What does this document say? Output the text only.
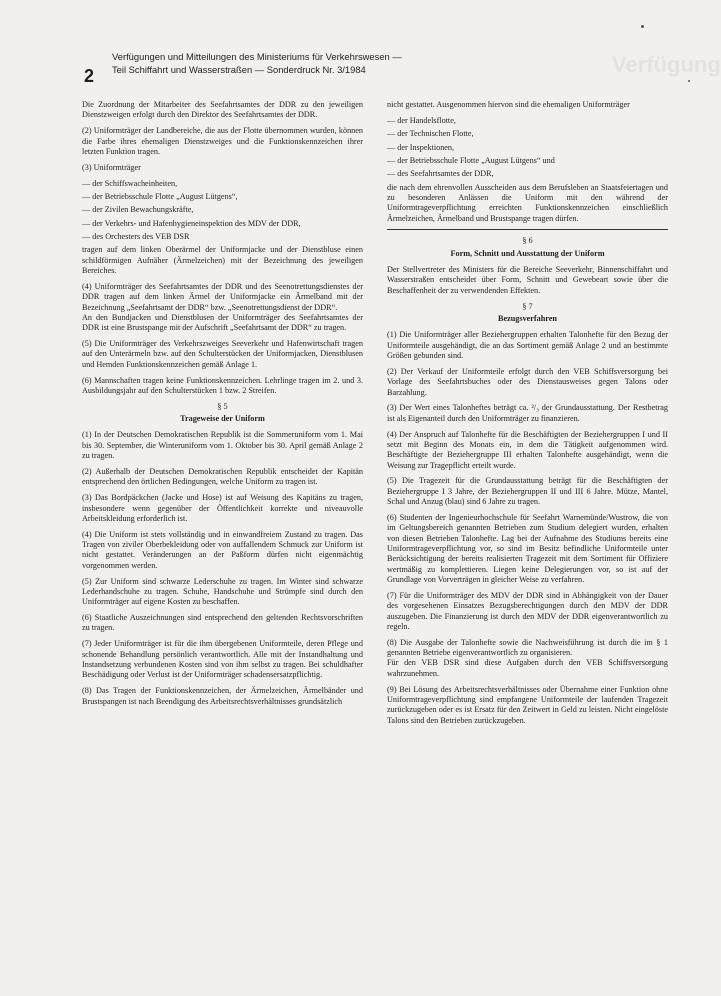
Verfügung
2
Verfügungen und Mitteilungen des Ministeriums für Verkehrswesen —
Teil Schiffahrt und Wasserstraßen — Sonderdruck Nr. 3/1984
Die Zuordnung der Mitarbeiter des Seefahrtsamtes der DDR zu den jeweiligen Dienstzweigen erfolgt durch den Direktor des Seefahrtsamtes der DDR.
(2) Uniformträger der Landbereiche, die aus der Flotte übernommen wurden, können die Farbe ihres ehemaligen Dienstzweiges und die Funktionskennzeichen ihrer letzten Funktion tragen.
(3) Uniformträger
— der Schiffswacheinheiten,
— der Betriebsschule Flotte „August Lütgens“,
— der Zivilen Bewachungskräfte,
— der Verkehrs- und Hafenhygieneinspektion des MDV der DDR,
— des Orchesters des VEB DSR
tragen auf dem linken Oberärmel der Uniformjacke und der Dienstbluse einen schildförmigen Aufnäher (Ärmelzeichen) mit der Bezeichnung des jeweiligen Bereiches.
(4) Uniformträger des Seefahrtsamtes der DDR und des Seenotrettungsdienstes der DDR tragen auf dem linken Ärmel der Uniformjacke ein Ärmelband mit der Bezeichnung „Seefahrtsamt der DDR“ bzw. „Seenotrettungsdienst der DDR“.
An den Bundjacken und Dienstblusen der Uniformträger des Seefahrtsamtes der DDR ist eine Brustspange mit der Aufschrift „Seefahrtsamt der DDR“ zu tragen.
(5) Die Uniformträger des Verkehrszweiges Seeverkehr und Hafenwirtschaft tragen auf den Unterärmeln bzw. auf den Schulterstücken der Uniformjacken, Dienstblusen und Hemden Funktionskennzeichen gemäß Anlage 1.
(6) Mannschaften tragen keine Funktionskennzeichen. Lehrlinge tragen im 2. und 3. Ausbildungsjahr auf den Schulterstücken 1 bzw. 2 Streifen.
§ 5
Trageweise der Uniform
(1) In der Deutschen Demokratischen Republik ist die Sommeruniform vom 1. Mai bis 30. September, die Winteruniform vom 1. Oktober bis 30. April gemäß Anlage 2 zu tragen.
(2) Außerhalb der Deutschen Demokratischen Republik entscheidet der Kapitän entsprechend den örtlichen Bedingungen, welche Uniform zu tragen ist.
(3) Das Bordpäckchen (Jacke und Hose) ist auf Weisung des Kapitäns zu tragen, insbesondere wenn gegenüber der Öffentlichkeit korrekte und niveauvolle Arbeitskleidung erforderlich ist.
(4) Die Uniform ist stets vollständig und in einwandfreiem Zustand zu tragen. Das Tragen von ziviler Oberbekleidung oder von auffallendem Schmuck zur Uniform ist nicht gestattet. Veränderungen an der Paßform dürfen nicht eigenmächtig vorgenommen werden.
(5) Zur Uniform sind schwarze Lederschuhe zu tragen. Im Winter sind schwarze Lederhandschuhe zu tragen. Schuhe, Handschuhe und Strümpfe sind durch den Uniformträger auf eigene Kosten zu beschaffen.
(6) Staatliche Auszeichnungen sind entsprechend den geltenden Rechtsvorschriften zu tragen.
(7) Jeder Uniformträger ist für die ihm übergebenen Uniformteile, deren Pflege und schonende Behandlung persönlich verantwortlich. Alle mit der Instandhaltung und Instandsetzung verbundenen Kosten sind von ihm selbst zu tragen. Bei schuldhafter Beschädigung oder Verlust ist der Uniformträger schadensersatzpflichtig.
(8) Das Tragen der Funktionskennzeichen, der Ärmelzeichen, Ärmelbänder und Brustspangen ist nach Beendigung des Arbeitsrechtsverhältnisses grundsätzlich
nicht gestattet. Ausgenommen hiervon sind die ehemaligen Uniformträger
— der Handelsflotte,
— der Technischen Flotte,
— der Inspektionen,
— der Betriebsschule Flotte „August Lütgens“ und
— des Seefahrtsamtes der DDR,
die nach dem ehrenvollen Ausscheiden aus dem Berufsleben an Staatsfeiertagen und zu besonderen Anlässen die Uniform mit den während der Uniformtrageverpflichtung erreichten Funktionskennzeichen einschließlich Ärmelzeichen, Ärmelband und Brustspange tragen dürfen.
§ 6
Form, Schnitt und Ausstattung der Uniform
Der Stellvertreter des Ministers für die Bereiche Seeverkehr, Binnenschiffahrt und Wasserstraßen entscheidet über Form, Schnitt und Gewebeart sowie über die Beschaffenheit der zu verwendenden Effekten.
§ 7
Bezugsverfahren
(1) Die Uniformträger aller Beziehergruppen erhalten Talonhefte für den Bezug der Uniformteile ausgehändigt, die an das Sortiment gemäß Anlage 2 und an bestimmte Größen gebunden sind.
(2) Der Verkauf der Uniformteile erfolgt durch den VEB Schiffsversorgung bei Vorlage des Seefahrtsbuches oder des Dienstausweises gegen Talons oder Barzahlung.
(3) Der Wert eines Talonheftes beträgt ca. ²/₃ der Grundausstattung. Der Restbetrag ist als Eigenanteil durch den Uniformträger zu finanzieren.
(4) Der Anspruch auf Talonhefte für die Beschäftigten der Beziehergruppen I und II setzt mit Beginn des Monats ein, in dem die Tätigkeit aufgenommen wird. Beschäftigte der Beziehergruppe III erhalten Talonhefte ausgehändigt, wenn die Weisung zur Tragepflicht erteilt wurde.
(5) Die Tragezeit für die Grundausstattung beträgt für die Beschäftigten der Beziehergruppe I 3 Jahre, der Beziehergruppen II und III 6 Jahre. Mütze, Mantel, Schal und Anzug (blau) sind 6 Jahre zu tragen.
(6) Studenten der Ingenieurhochschule für Seefahrt Warnemünde/Wustrow, die von im Geltungsbereich genannten Betrieben zum Studium delegiert wurden, erhalten von diesen Betrieben Talonhefte. Lag bei der Aufnahme des Studiums bereits eine Uniformtrageverpflichtung vor, so sind im Besitz befindliche Uniformteile unter Berücksichtigung der bereits realisierten Tragezeit mit dem Sortiment für Offiziere wertmäßig zu komplettieren. Liegen keine Delegierungen vor, so ist auf der Grundlage von Vorverträgen in gleicher Weise zu verfahren.
(7) Für die Uniformträger des MDV der DDR sind in Abhängigkeit von der Dauer des vorgesehenen Einsatzes Bezugsberechtigungen durch den MDV der DDR auszugeben. Die Finanzierung ist durch den MDV der DDR eigenverantwortlich zu regeln.
(8) Die Ausgabe der Talonhefte sowie die Nachweisführung ist durch die im § 1 genannten Betriebe eigenverantwortlich zu organisieren.
Für den VEB DSR sind diese Aufgaben durch den VEB Schiffsversorgung wahrzunehmen.
(9) Bei Lösung des Arbeitsrechtsverhältnisses oder Übernahme einer Funktion ohne Uniformtrageverpflichtung sind empfangene Uniformteile der laufenden Tragezeit zurückzugeben oder es ist Ersatz für den Zeitwert in Geld zu leisten. Nicht eingelöste Talons sind den Betrieben zurückzugeben.
